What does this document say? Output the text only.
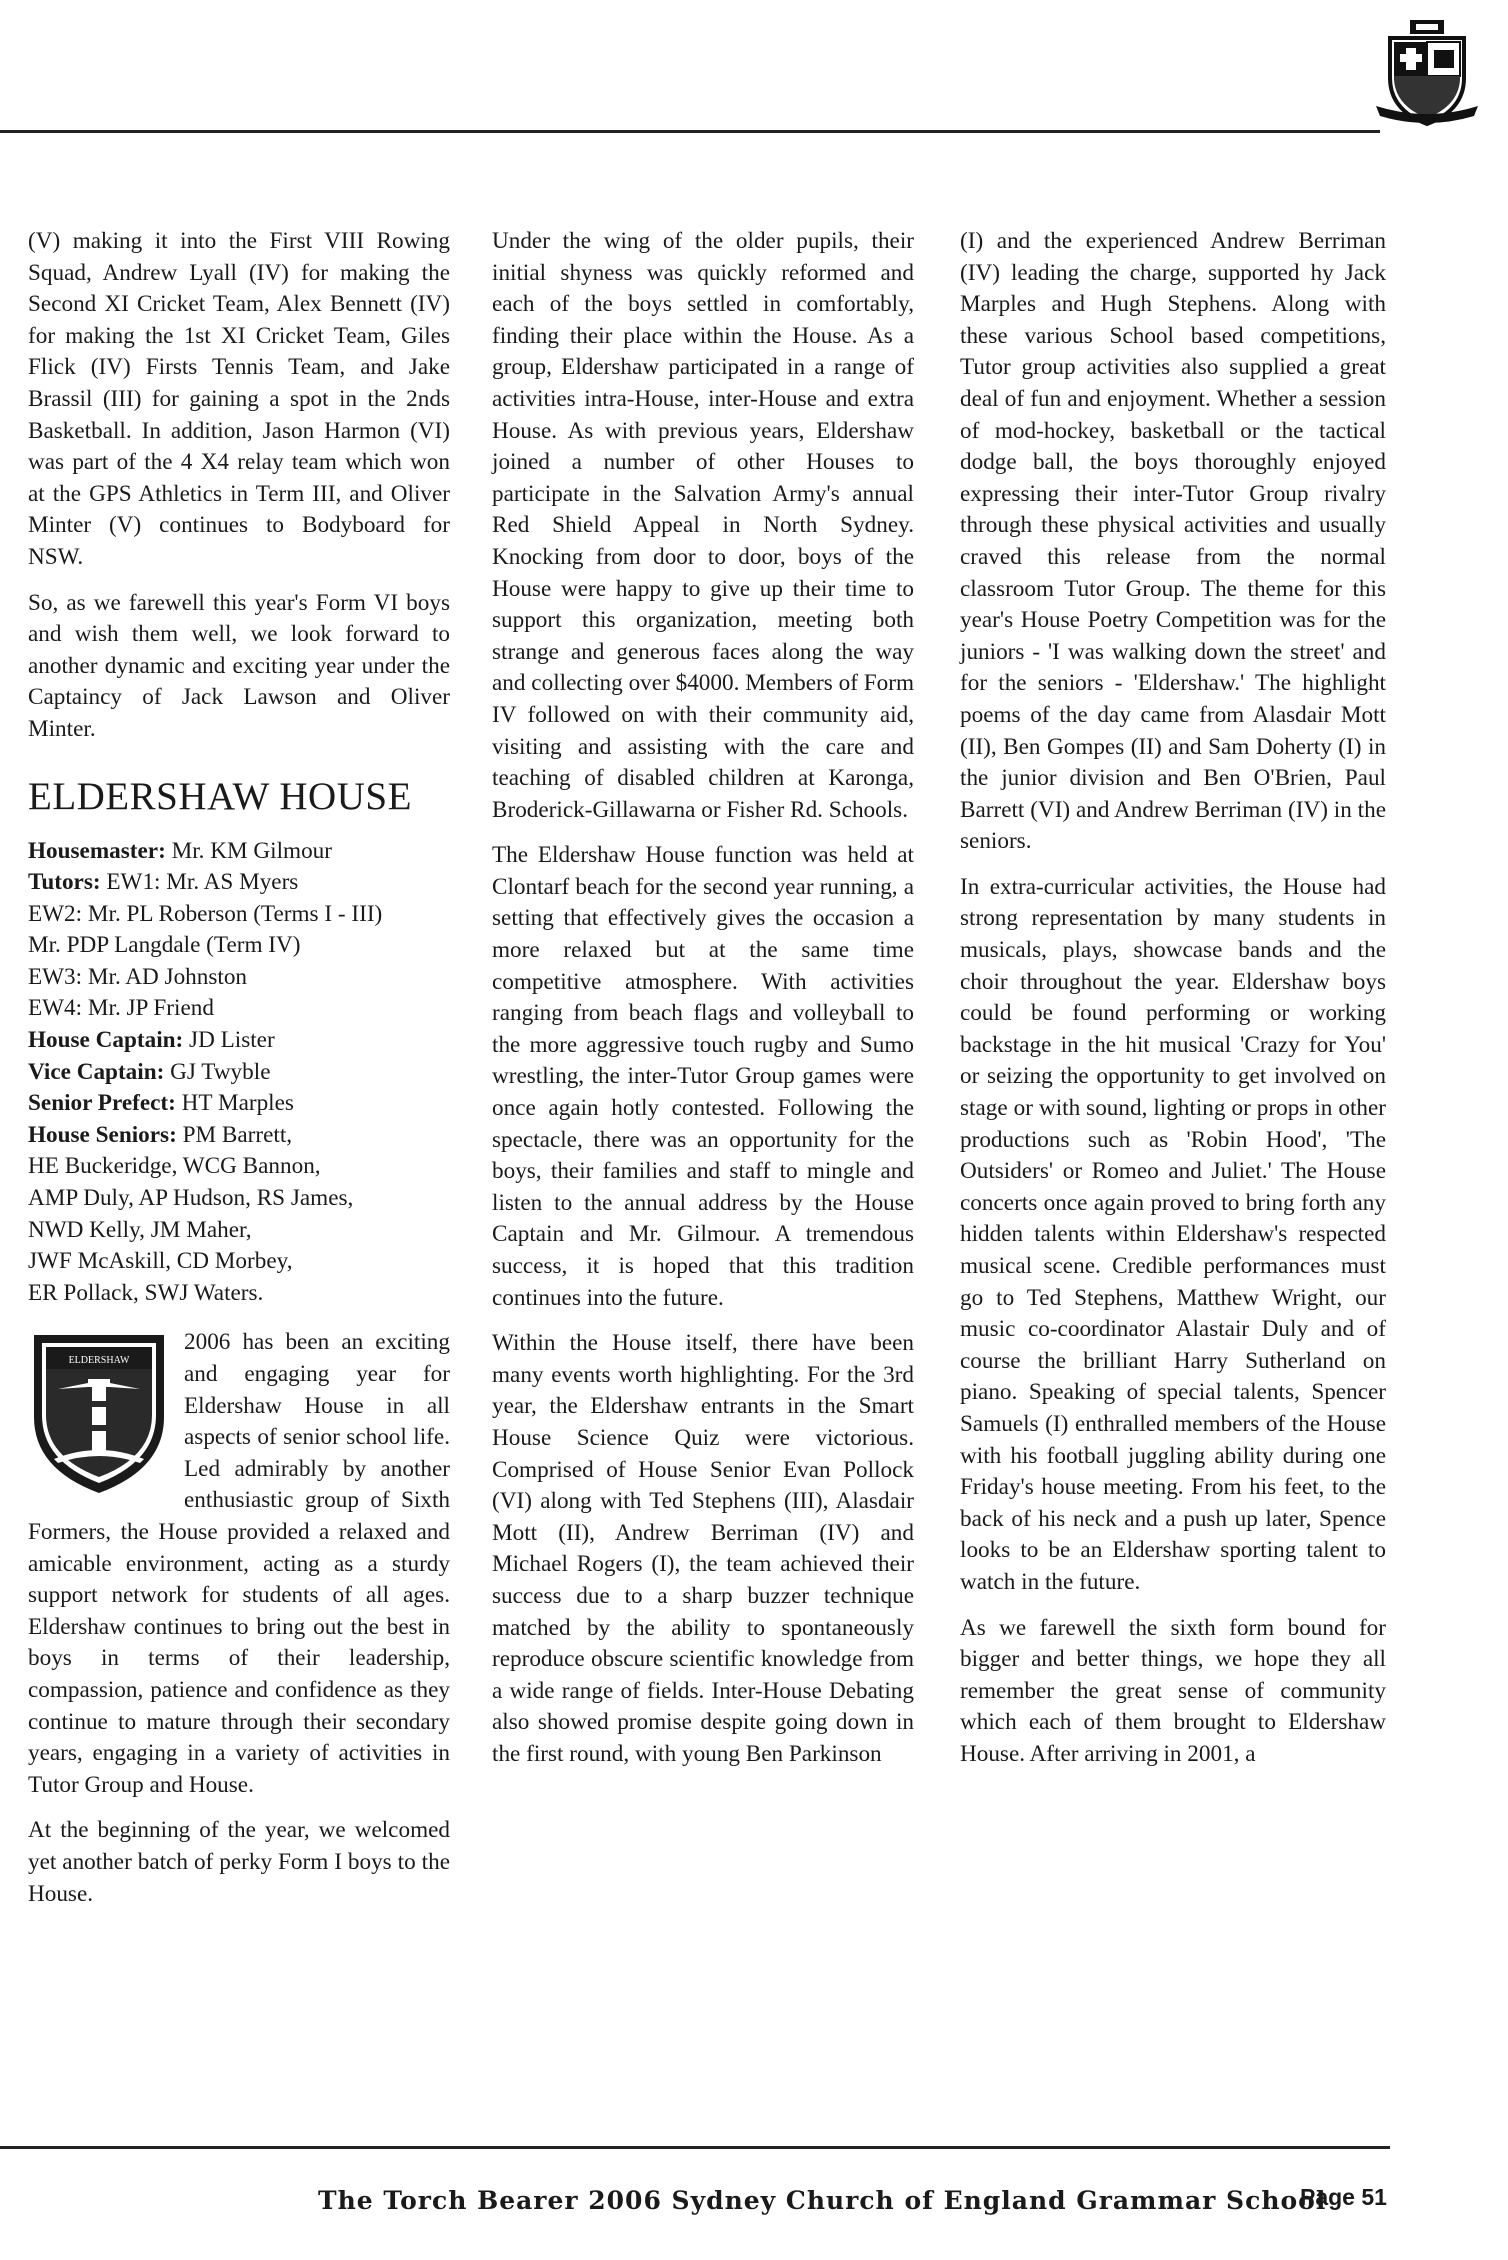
(V) making it into the First VIII Rowing Squad, Andrew Lyall (IV) for making the Second XI Cricket Team, Alex Bennett (IV) for making the 1st XI Cricket Team, Giles Flick (IV) Firsts Tennis Team, and Jake Brassil (III) for gaining a spot in the 2nds Basketball. In addition, Jason Harmon (VI) was part of the 4 X4 relay team which won at the GPS Athletics in Term III, and Oliver Minter (V) continues to Bodyboard for NSW.

So, as we farewell this year's Form VI boys and wish them well, we look forward to another dynamic and exciting year under the Captaincy of Jack Lawson and Oliver Minter.

ELDERSHAW HOUSE
Housemaster: Mr. KM Gilmour
Tutors: EW1: Mr. AS Myers
EW2: Mr. PL Roberson (Terms I - III)
Mr. PDP Langdale (Term IV)
EW3: Mr. AD Johnston
EW4: Mr. JP Friend
House Captain: JD Lister
Vice Captain: GJ Twyble
Senior Prefect: HT Marples
House Seniors: PM Barrett,
HE Buckeridge, WCG Bannon,
AMP Duly, AP Hudson, RS James,
NWD Kelly, JM Maher,
JWF McAskill, CD Morbey,
ER Pollack, SWJ Waters.

ELDERSHAW
2006 has been an exciting and engaging year for Eldershaw House in all aspects of senior school life. Led admirably by another enthusiastic group of Sixth Formers, the House provided a relaxed and amicable environment, acting as a sturdy support network for students of all ages. Eldershaw continues to bring out the best in boys in terms of their leadership, compassion, patience and confidence as they continue to mature through their secondary years, engaging in a variety of activities in Tutor Group and House.

At the beginning of the year, we welcomed yet another batch of perky Form I boys to the House.

Under the wing of the older pupils, their initial shyness was quickly reformed and each of the boys settled in comfortably, finding their place within the House. As a group, Eldershaw participated in a range of activities intra-House, inter-House and extra House. As with previous years, Eldershaw joined a number of other Houses to participate in the Salvation Army's annual Red Shield Appeal in North Sydney. Knocking from door to door, boys of the House were happy to give up their time to support this organization, meeting both strange and generous faces along the way and collecting over $4000. Members of Form IV followed on with their community aid, visiting and assisting with the care and teaching of disabled children at Karonga, Broderick-Gillawarna or Fisher Rd. Schools.

The Eldershaw House function was held at Clontarf beach for the second year running, a setting that effectively gives the occasion a more relaxed but at the same time competitive atmosphere. With activities ranging from beach flags and volleyball to the more aggressive touch rugby and Sumo wrestling, the inter-Tutor Group games were once again hotly contested. Following the spectacle, there was an opportunity for the boys, their families and staff to mingle and listen to the annual address by the House Captain and Mr. Gilmour. A tremendous success, it is hoped that this tradition continues into the future.

Within the House itself, there have been many events worth highlighting. For the 3rd year, the Eldershaw entrants in the Smart House Science Quiz were victorious. Comprised of House Senior Evan Pollock (VI) along with Ted Stephens (III), Alasdair Mott (II), Andrew Berriman (IV) and Michael Rogers (I), the team achieved their success due to a sharp buzzer technique matched by the ability to spontaneously reproduce obscure scientific knowledge from a wide range of fields. Inter-House Debating also showed promise despite going down in the first round, with young Ben Parkinson

(I) and the experienced Andrew Berriman (IV) leading the charge, supported hy Jack Marples and Hugh Stephens. Along with these various School based competitions, Tutor group activities also supplied a great deal of fun and enjoyment. Whether a session of mod-hockey, basketball or the tactical dodge ball, the boys thoroughly enjoyed expressing their inter-Tutor Group rivalry through these physical activities and usually craved this release from the normal classroom Tutor Group. The theme for this year's House Poetry Competition was for the juniors - 'I was walking down the street' and for the seniors - 'Eldershaw.' The highlight poems of the day came from Alasdair Mott (II), Ben Gompes (II) and Sam Doherty (I) in the junior division and Ben O'Brien, Paul Barrett (VI) and Andrew Berriman (IV) in the seniors.

In extra-curricular activities, the House had strong representation by many students in musicals, plays, showcase bands and the choir throughout the year. Eldershaw boys could be found performing or working backstage in the hit musical 'Crazy for You' or seizing the opportunity to get involved on stage or with sound, lighting or props in other productions such as 'Robin Hood', 'The Outsiders' or Romeo and Juliet.' The House concerts once again proved to bring forth any hidden talents within Eldershaw's respected musical scene. Credible performances must go to Ted Stephens, Matthew Wright, our music co-coordinator Alastair Duly and of course the brilliant Harry Sutherland on piano. Speaking of special talents, Spencer Samuels (I) enthralled members of the House with his football juggling ability during one Friday's house meeting. From his feet, to the back of his neck and a push up later, Spence looks to be an Eldershaw sporting talent to watch in the future.

As we farewell the sixth form bound for bigger and better things, we hope they all remember the great sense of community which each of them brought to Eldershaw House. After arriving in 2001, a

The Torch Bearer 2006 Sydney Church of England Grammar School
Page 51
